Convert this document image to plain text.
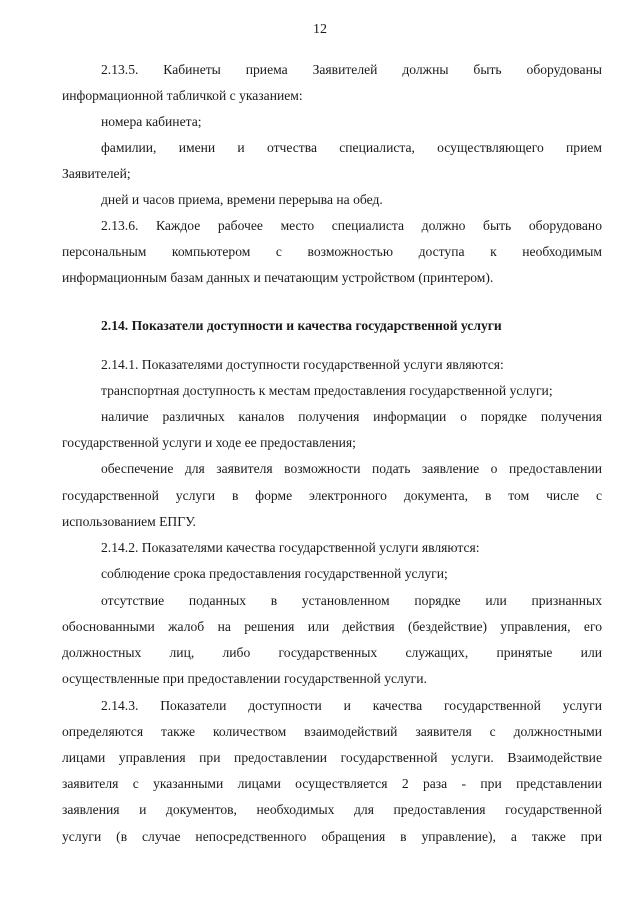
12
2.13.5. Кабинеты приема Заявителей должны быть оборудованы
информационной табличкой с указанием:
номера кабинета;
фамилии, имени и отчества специалиста, осуществляющего прием
Заявителей;
дней и часов приема, времени перерыва на обед.
2.13.6. Каждое рабочее место специалиста должно быть оборудовано
персональным компьютером с возможностью доступа к необходимым
информационным базам данных и печатающим устройством (принтером).
2.14. Показатели доступности и качества государственной услуги
2.14.1. Показателями доступности государственной услуги являются:
транспортная доступность к местам предоставления государственной услуги;
наличие различных каналов получения информации о порядке получения
государственной услуги и ходе ее предоставления;
обеспечение для заявителя возможности подать заявление о предоставлении
государственной услуги в форме электронного документа, в том числе с
использованием ЕПГУ.
2.14.2. Показателями качества государственной услуги являются:
соблюдение срока предоставления государственной услуги;
отсутствие поданных в установленном порядке или признанных
обоснованными жалоб на решения или действия (бездействие) управления, его
должностных лиц, либо государственных служащих, принятые или
осуществленные при предоставлении государственной услуги.
2.14.3. Показатели доступности и качества государственной услуги
определяются также количеством взаимодействий заявителя с должностными
лицами управления при предоставлении государственной услуги. Взаимодействие
заявителя с указанными лицами осуществляется 2 раза - при представлении
заявления и документов, необходимых для предоставления государственной
услуги (в случае непосредственного обращения в управление), а также при
